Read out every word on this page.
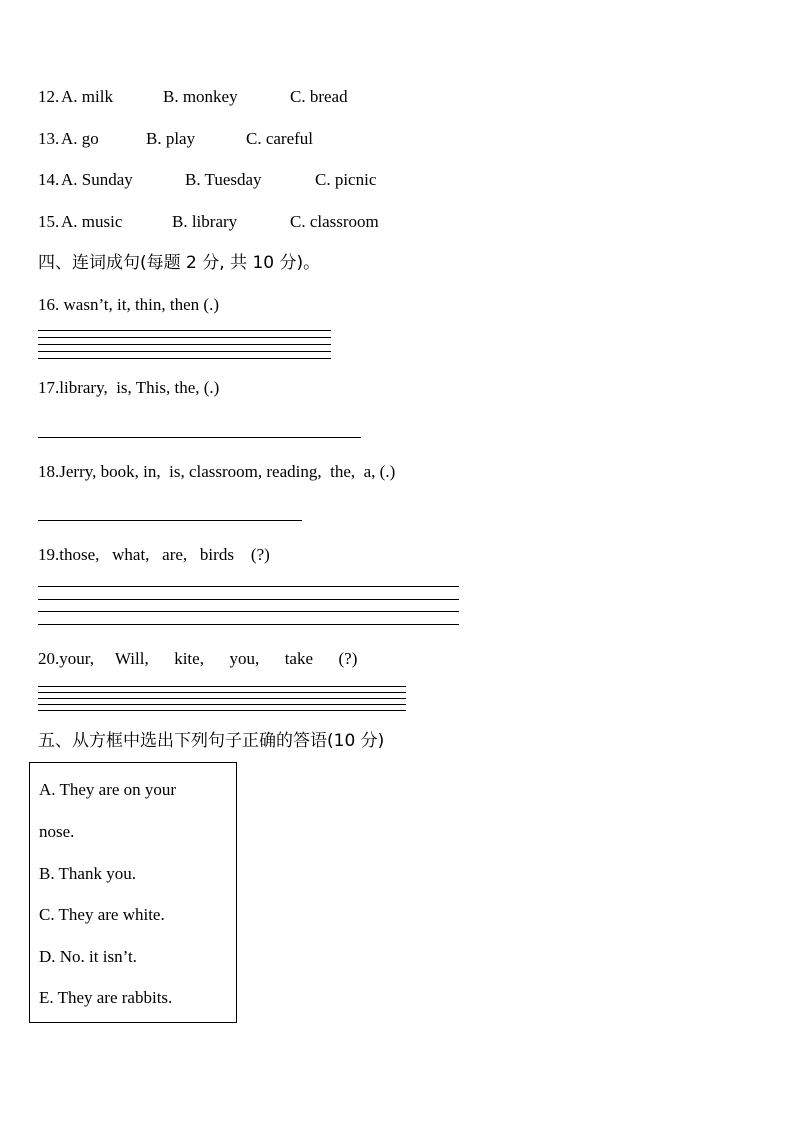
12. A. milk	B. monkey	C. bread
13. A. go	B. play	C. careful
14. A. Sunday	B. Tuesday	C. picnic
15. A. music	B. library	C. classroom
四、连词成句(每题 2 分, 共 10 分)。
16. wasn’t, it, thin, then (.)
17.library,  is, This, the, (.)
18.Jerry, book, in,  is, classroom, reading,  the,  a, (.)
19.those,   what,   are,   birds    (?)
20.your,     Will,      kite,      you,      take      (?)
五、从方框中选出下列句子正确的答语(10 分)
A. They are on your
nose.
B. Thank you.
C. They are white.
D. No. it isn’t.
E. They are rabbits.
